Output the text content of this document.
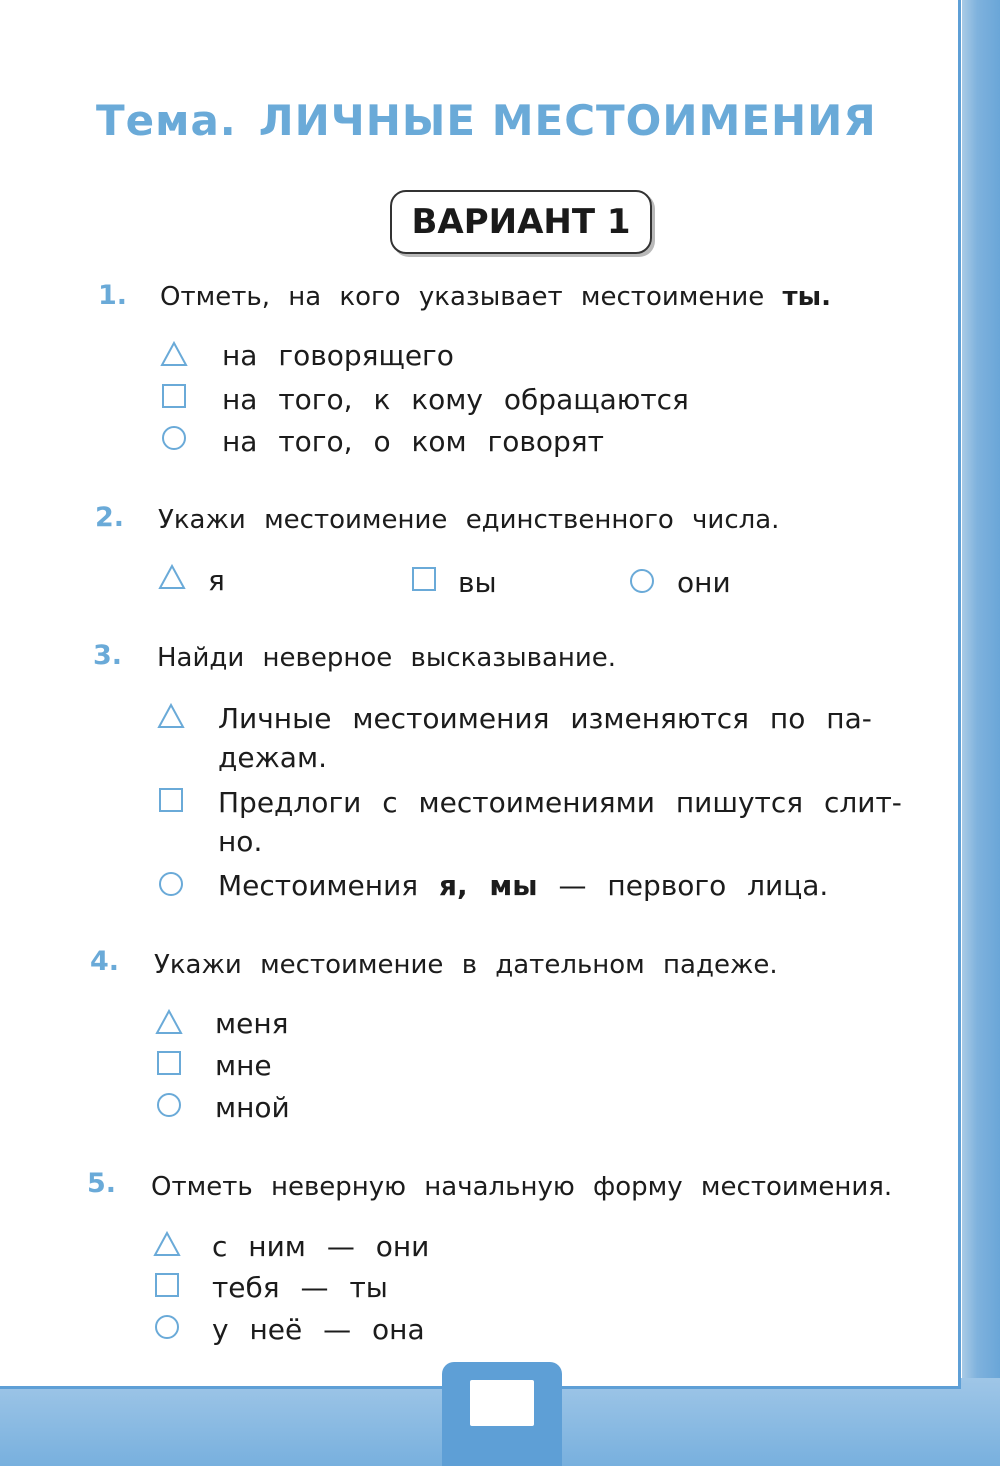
Тема. ЛИЧНЫЕ МЕСТОИМЕНИЯ
ВАРИАНТ 1
1. Отметь, на кого указывает местоимение ты.
на говорящего
на того, к кому обращаются
на того, о ком говорят
2. Укажи местоимение единственного числа.
я	вы	они
3. Найди неверное высказывание.
Личные местоимения изменяются по па-
дежам.
Предлоги с местоимениями пишутся слит-
но.
Местоимения я, мы — первого лица.
4. Укажи местоимение в дательном падеже.
меня
мне
мной
5. Отметь неверную начальную форму местоимения.
с ним — они
тебя — ты
у неё — она
